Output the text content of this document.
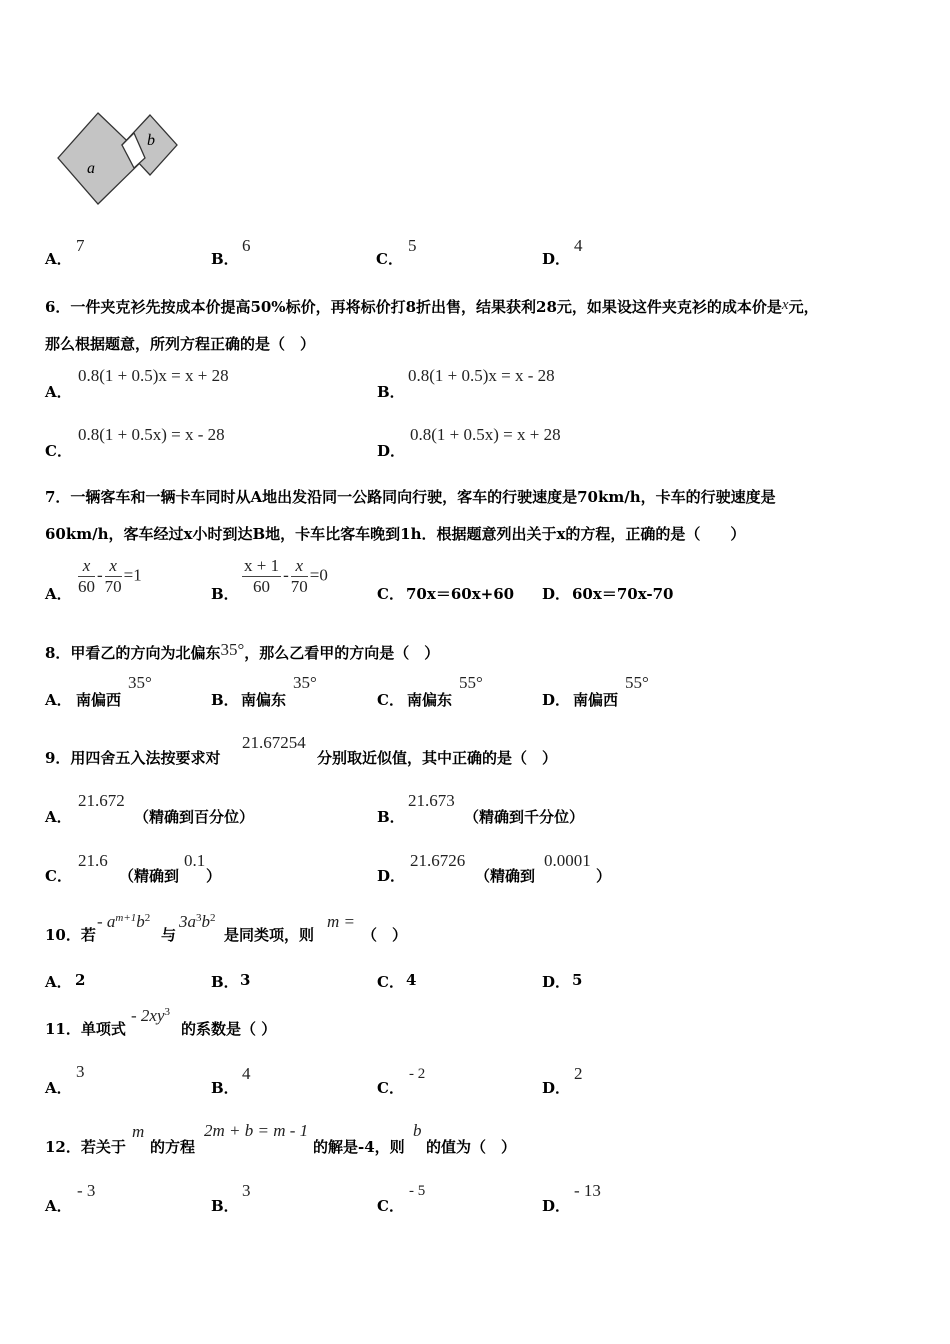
a
b
A．
7
B．
6
C．
5
D．
4
6．一件夹克衫先按成本价提高50%标价，再将标价打8折出售，结果获利28元，如果设这件夹克衫的成本价是x元，
那么根据题意，所列方程正确的是（　）
A．
0.8(1 + 0.5)x = x + 28
B．
0.8(1 + 0.5)x = x - 28
C．
0.8(1 + 0.5x) = x - 28
D．
0.8(1 + 0.5x) = x + 28
7．一辆客车和一辆卡车同时从A地出发沿同一公路同向行驶，客车的行驶速度是70km/h，卡车的行驶速度是
60km/h，客车经过x小时到达B地，卡车比客车晚到1h．根据题意列出关于x的方程，正确的是（　　）
A． $\frac{x}{60} - \frac{x}{70} =1$
B． $\frac{x + 1}{60} - \frac{x}{70} =0$
C． 70x＝60x+60 D． 60x＝70x-70
8．甲看乙的方向为北偏东35°，那么乙看甲的方向是（　）
A． 南偏西
35°
B． 南偏东
35°
C． 南偏东
55°
D． 南偏西
55°
9．用四舍五入法按要求对
21.67254
分别取近似值，其中正确的是（　）
A．
21.672
（精确到百分位）	B．
21.673
（精确到千分位）
C．
21.6
（精确到
0.1
）	D．
21.6726
（精确到
0.0001
）
10．若
- $a^{m+1}b^2$
与
$3a^3b^2$
是同类项，则
m =
（　）
A． 2	B． 3	C． 4	D． 5
11．单项式
- $2xy^3$
的系数是（ ）
A．
3
B．
4
C．
- 2
D．
2
12．若关于
m
的方程
2m + b = m - 1
的解是-4，则
b
的值为（　）
A．
- 3
B．
3
C．
- 5
D．
- 13
